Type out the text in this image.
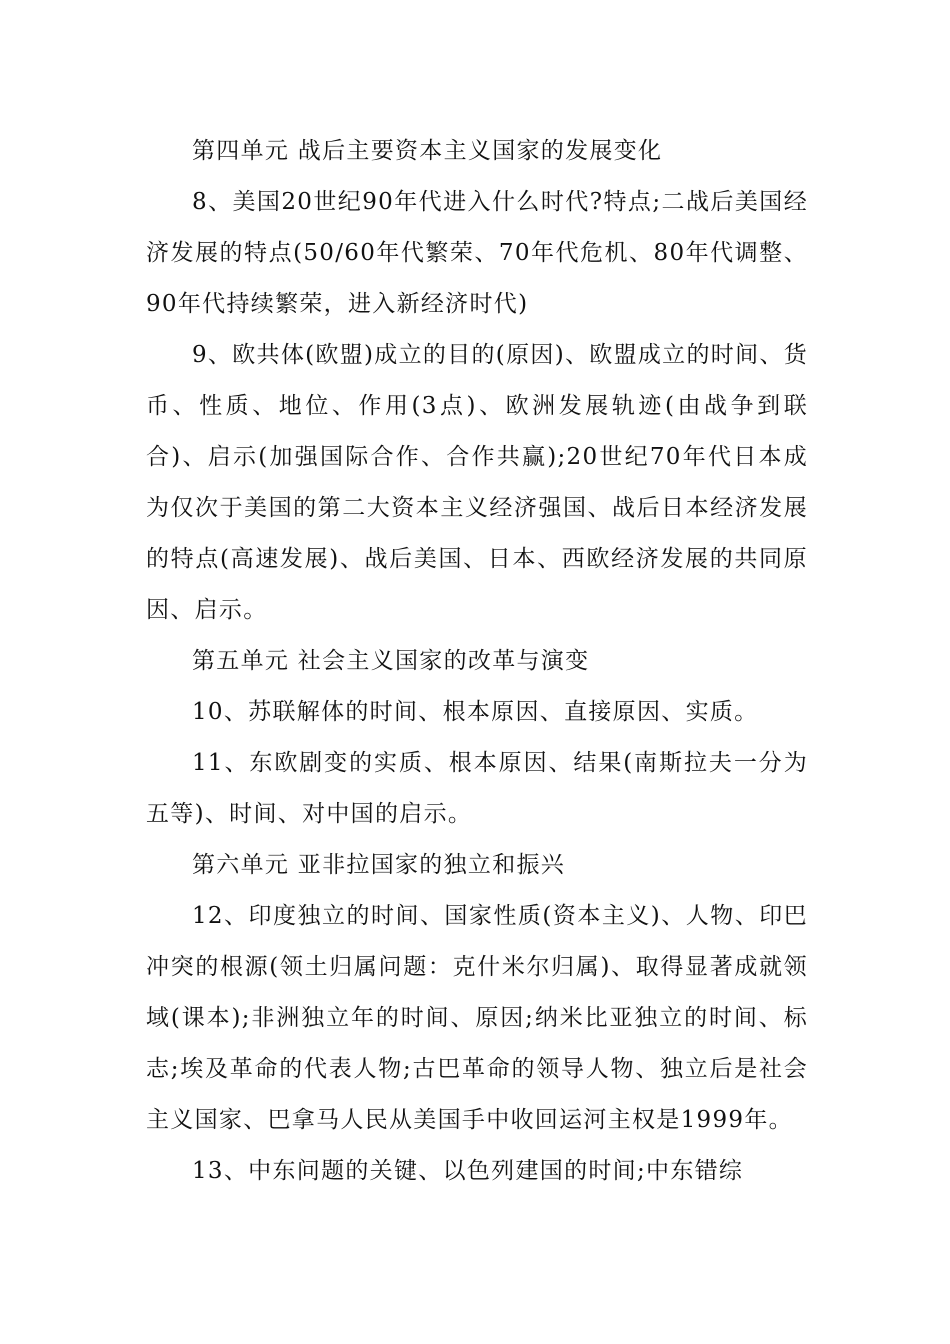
第四单元 战后主要资本主义国家的发展变化

8、美国20世纪90年代进入什么时代?特点;二战后美国经济发展的特点(50/60年代繁荣、70年代危机、80年代调整、90年代持续繁荣，进入新经济时代)

9、欧共体(欧盟)成立的目的(原因)、欧盟成立的时间、货币、性质、地位、作用(3点)、欧洲发展轨迹(由战争到联合)、启示(加强国际合作、合作共赢);20世纪70年代日本成为仅次于美国的第二大资本主义经济强国、战后日本经济发展的特点(高速发展)、战后美国、日本、西欧经济发展的共同原因、启示。

第五单元 社会主义国家的改革与演变

10、苏联解体的时间、根本原因、直接原因、实质。

11、东欧剧变的实质、根本原因、结果(南斯拉夫一分为五等)、时间、对中国的启示。

第六单元 亚非拉国家的独立和振兴

12、印度独立的时间、国家性质(资本主义)、人物、印巴冲突的根源(领土归属问题：克什米尔归属)、取得显著成就领域(课本);非洲独立年的时间、原因;纳米比亚独立的时间、标志;埃及革命的代表人物;古巴革命的领导人物、独立后是社会主义国家、巴拿马人民从美国手中收回运河主权是1999年。

13、中东问题的关键、以色列建国的时间;中东错综
